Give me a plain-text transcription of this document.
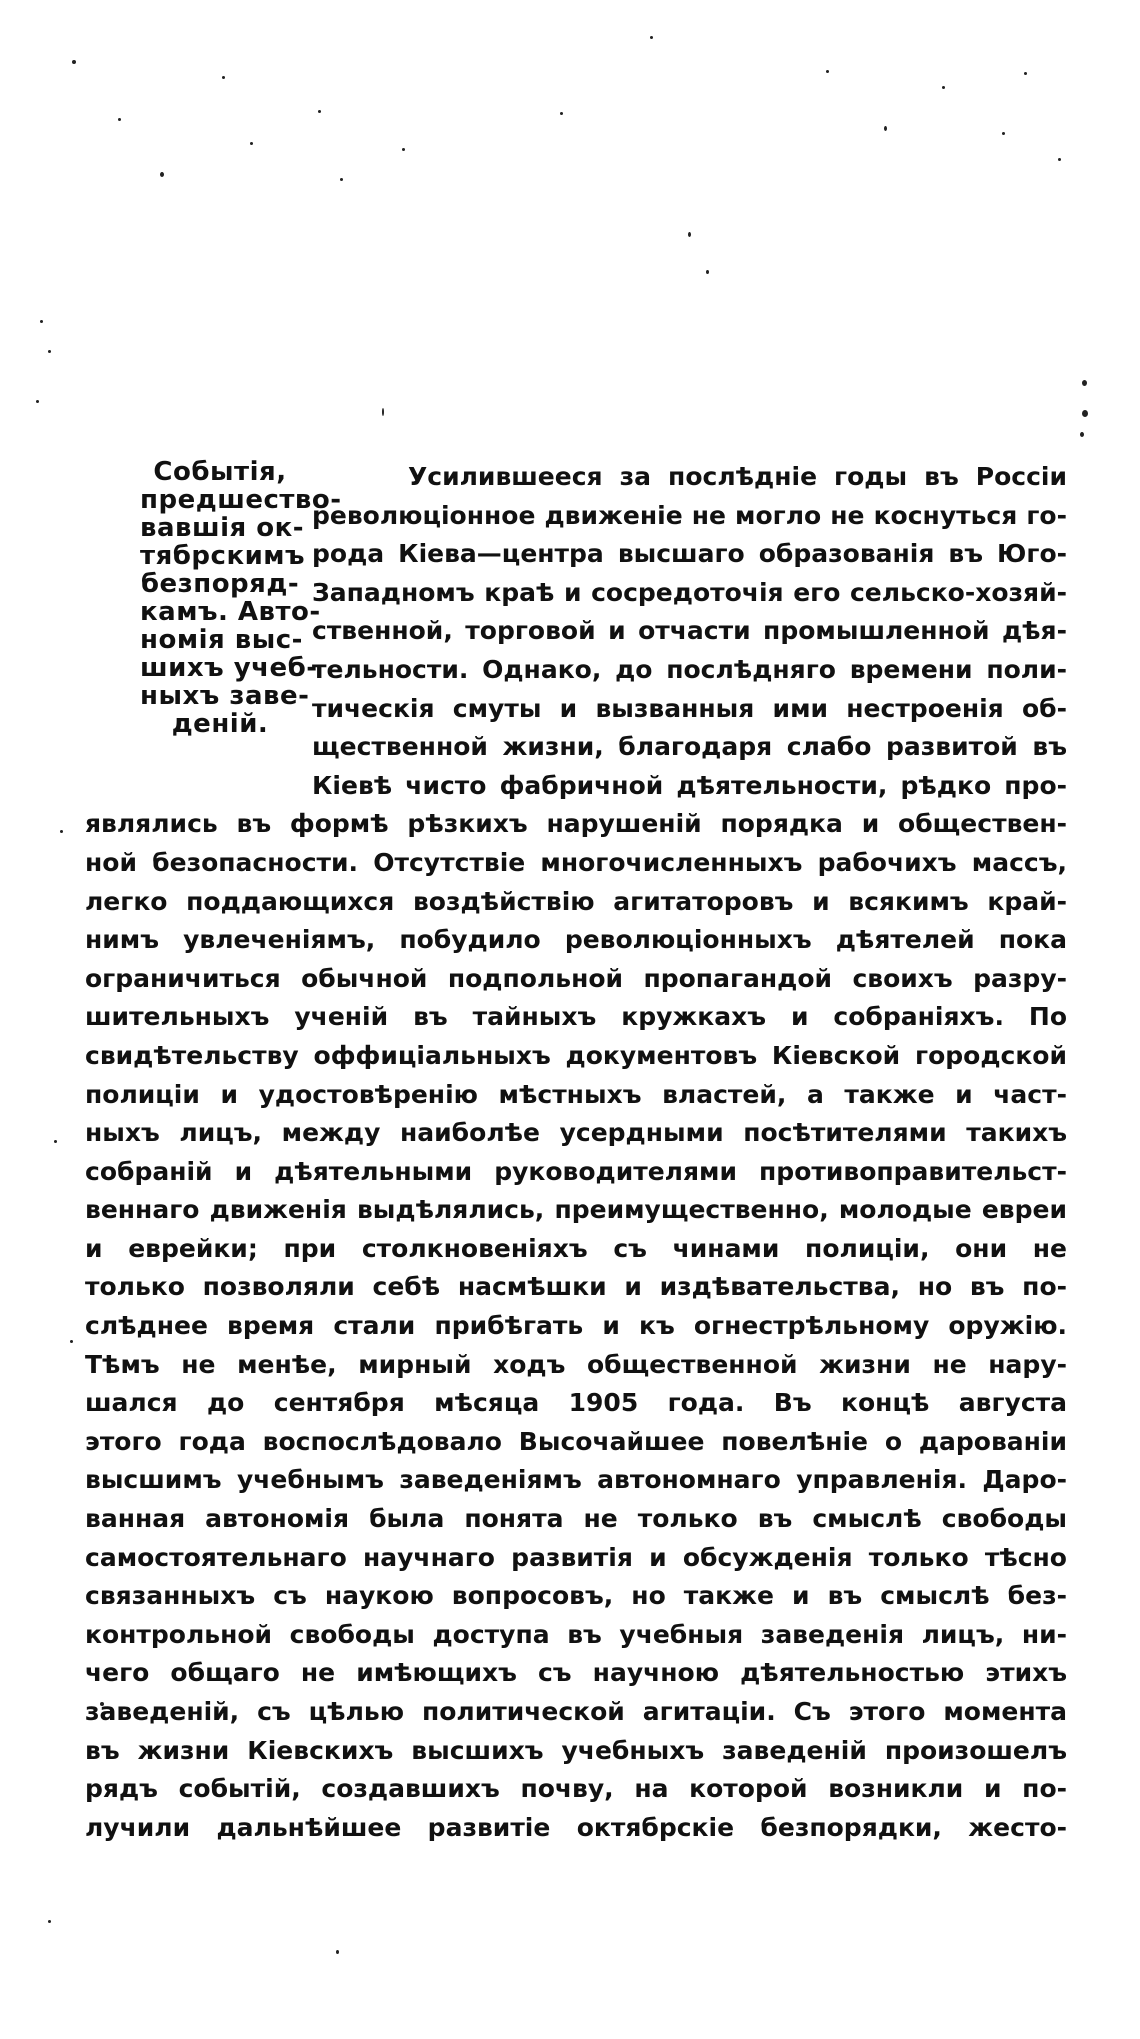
Событія,
предшество-
вавшія ок-
тябрскимъ
безпоряд-
камъ. Авто-
номія выс-
шихъ учеб-
ныхъ заве-
деній.
Усилившееся за послѣдніе годы въ Россіи
революціонное движеніе не могло не коснуться го-
рода Кіева—центра высшаго образованія въ Юго-
Западномъ краѣ и сосредоточія его сельско-хозяй-
ственной, торговой и отчасти промышленной дѣя-
тельности. Однако, до послѣдняго времени поли-
тическія смуты и вызванныя ими нестроенія об-
щественной жизни, благодаря слабо развитой въ
Кіевѣ чисто фабричной дѣятельности, рѣдко про-
являлись въ формѣ рѣзкихъ нарушеній порядка и обществен-
ной безопасности. Отсутствіе многочисленныхъ рабочихъ массъ,
легко поддающихся воздѣйствію агитаторовъ и всякимъ край-
нимъ увлеченіямъ, побудило революціонныхъ дѣятелей пока
ограничиться обычной подпольной пропагандой своихъ разру-
шительныхъ ученій въ тайныхъ кружкахъ и собраніяхъ. По
свидѣтельству оффиціальныхъ документовъ Кіевской городской
полиціи и удостовѣренію мѣстныхъ властей, а также и част-
ныхъ лицъ, между наиболѣе усердными посѣтителями такихъ
собраній и дѣятельными руководителями противоправительст-
веннаго движенія выдѣлялись, преимущественно, молодые евреи
и еврейки; при столкновеніяхъ съ чинами полиціи, они не
только позволяли себѣ насмѣшки и издѣвательства, но въ по-
слѣднее время стали прибѣгать и къ огнестрѣльному оружію.
Тѣмъ не менѣе, мирный ходъ общественной жизни не нару-
шался до сентября мѣсяца 1905 года. Въ концѣ августа
этого года воспослѣдовало Высочайшее повелѣніе о дарованіи
высшимъ учебнымъ заведеніямъ автономнаго управленія. Даро-
ванная автономія была понята не только въ смыслѣ свободы
самостоятельнаго научнаго развитія и обсужденія только тѣсно
связанныхъ съ наукою вопросовъ, но также и въ смыслѣ без-
контрольной свободы доступа въ учебныя заведенія лицъ, ни-
чего общаго не имѣющихъ съ научною дѣятельностью этихъ
заведеній, съ цѣлью политической агитаціи. Съ этого момента
въ жизни Кіевскихъ высшихъ учебныхъ заведеній произошелъ
рядъ событій, создавшихъ почву, на которой возникли и по-
лучили дальнѣйшее развитіе октябрскіе безпорядки, жесто-
